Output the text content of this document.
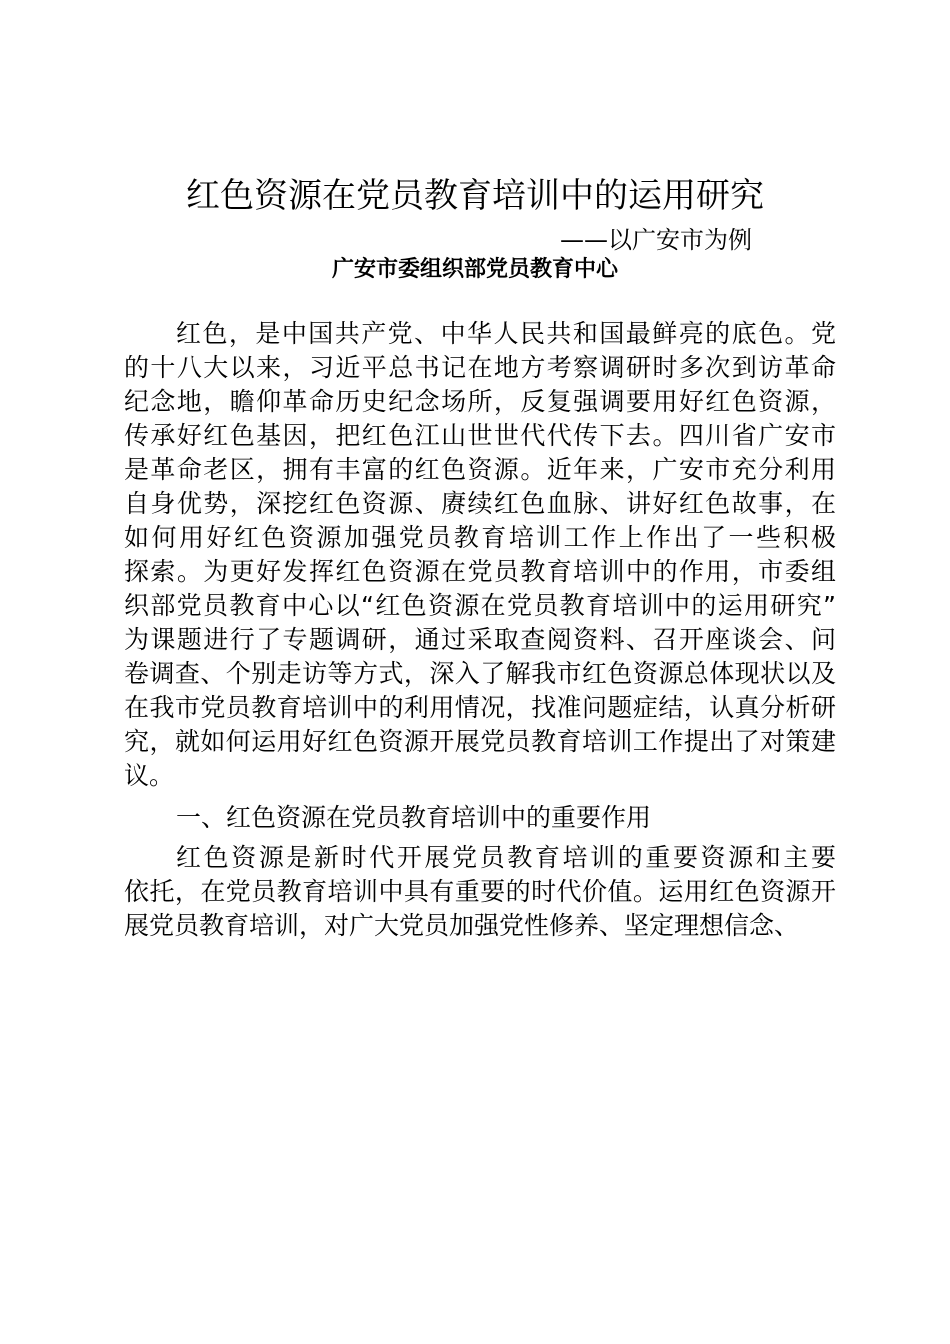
红色资源在党员教育培训中的运用研究
——以广安市为例
广安市委组织部党员教育中心
红色，是中国共产党、中华人民共和国最鲜亮的底色。党
的十八大以来，习近平总书记在地方考察调研时多次到访革命
纪念地，瞻仰革命历史纪念场所，反复强调要用好红色资源，
传承好红色基因，把红色江山世世代代传下去。四川省广安市
是革命老区，拥有丰富的红色资源。近年来，广安市充分利用
自身优势，深挖红色资源、赓续红色血脉、讲好红色故事，在
如何用好红色资源加强党员教育培训工作上作出了一些积极
探索。为更好发挥红色资源在党员教育培训中的作用，市委组
织部党员教育中心以“红色资源在党员教育培训中的运用研究”
为课题进行了专题调研，通过采取查阅资料、召开座谈会、问
卷调查、个别走访等方式，深入了解我市红色资源总体现状以及
在我市党员教育培训中的利用情况，找准问题症结，认真分析研
究，就如何运用好红色资源开展党员教育培训工作提出了对策建
议。
一、红色资源在党员教育培训中的重要作用
红色资源是新时代开展党员教育培训的重要资源和主要
依托，在党员教育培训中具有重要的时代价值。运用红色资源开
展党员教育培训，对广大党员加强党性修养、坚定理想信念、
